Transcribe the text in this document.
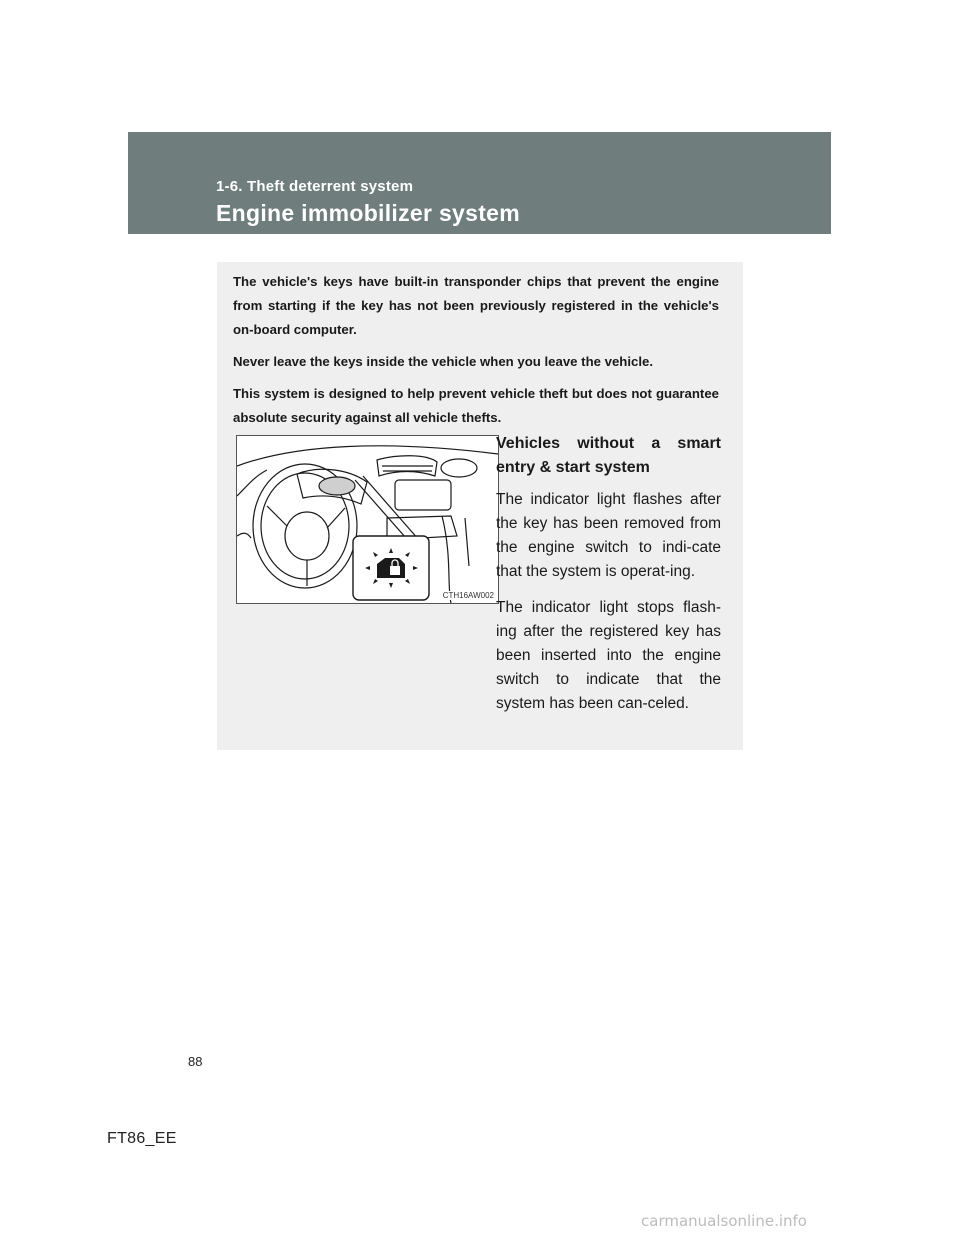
1-6. Theft deterrent system
Engine immobilizer system

The vehicle's keys have built-in transponder chips that prevent the engine from starting if the key has not been previously registered in the vehicle's on-board computer.

Never leave the keys inside the vehicle when you leave the vehicle.

This system is designed to help prevent vehicle theft but does not guarantee absolute security against all vehicle thefts.

CTH16AW002
Vehicles without a smart entry & start system

The indicator light flashes after the key has been removed from the engine switch to indi-cate that the system is operat-ing.

The indicator light stops flash-ing after the registered key has been inserted into the engine switch to indicate that the system has been can-celed.

88
FT86_EE
carmanualsonline.info
